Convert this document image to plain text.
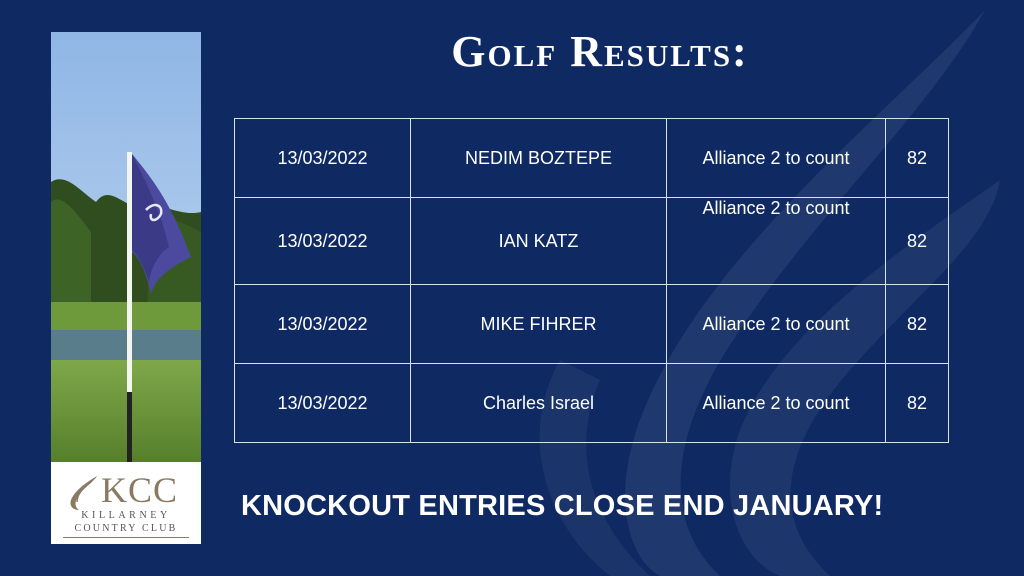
KCC
KILLARNEY
COUNTRY CLUB
Golf Results:
13/03/2022	NEDIM BOZTEPE	Alliance 2 to count	82
13/03/2022	IAN KATZ	Alliance 2 to count	82
13/03/2022	MIKE FIHRER	Alliance 2 to count	82
13/03/2022	Charles Israel	Alliance 2 to count	82
KNOCKOUT ENTRIES CLOSE END JANUARY!
